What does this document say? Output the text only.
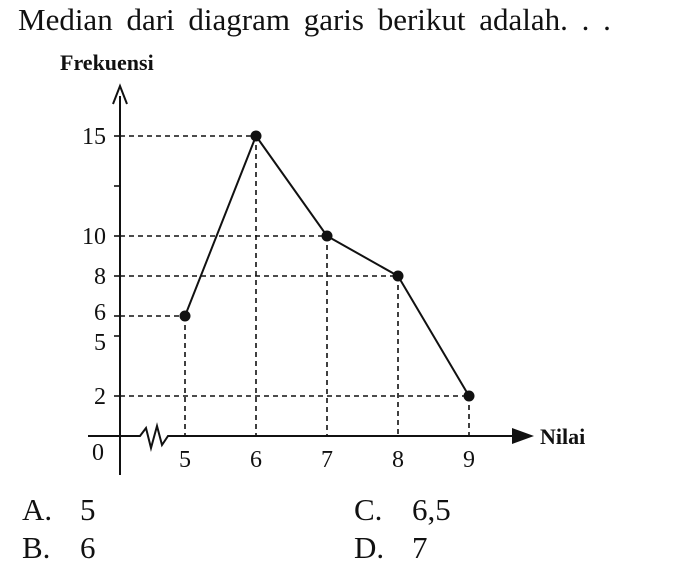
Median dari diagram garis berikut adalah. . .
2
5
6
8
10
15
5 6 7 8 9
0
Frekuensi
Nilai
A. 5
B. 6
C. 6,5
D. 7
